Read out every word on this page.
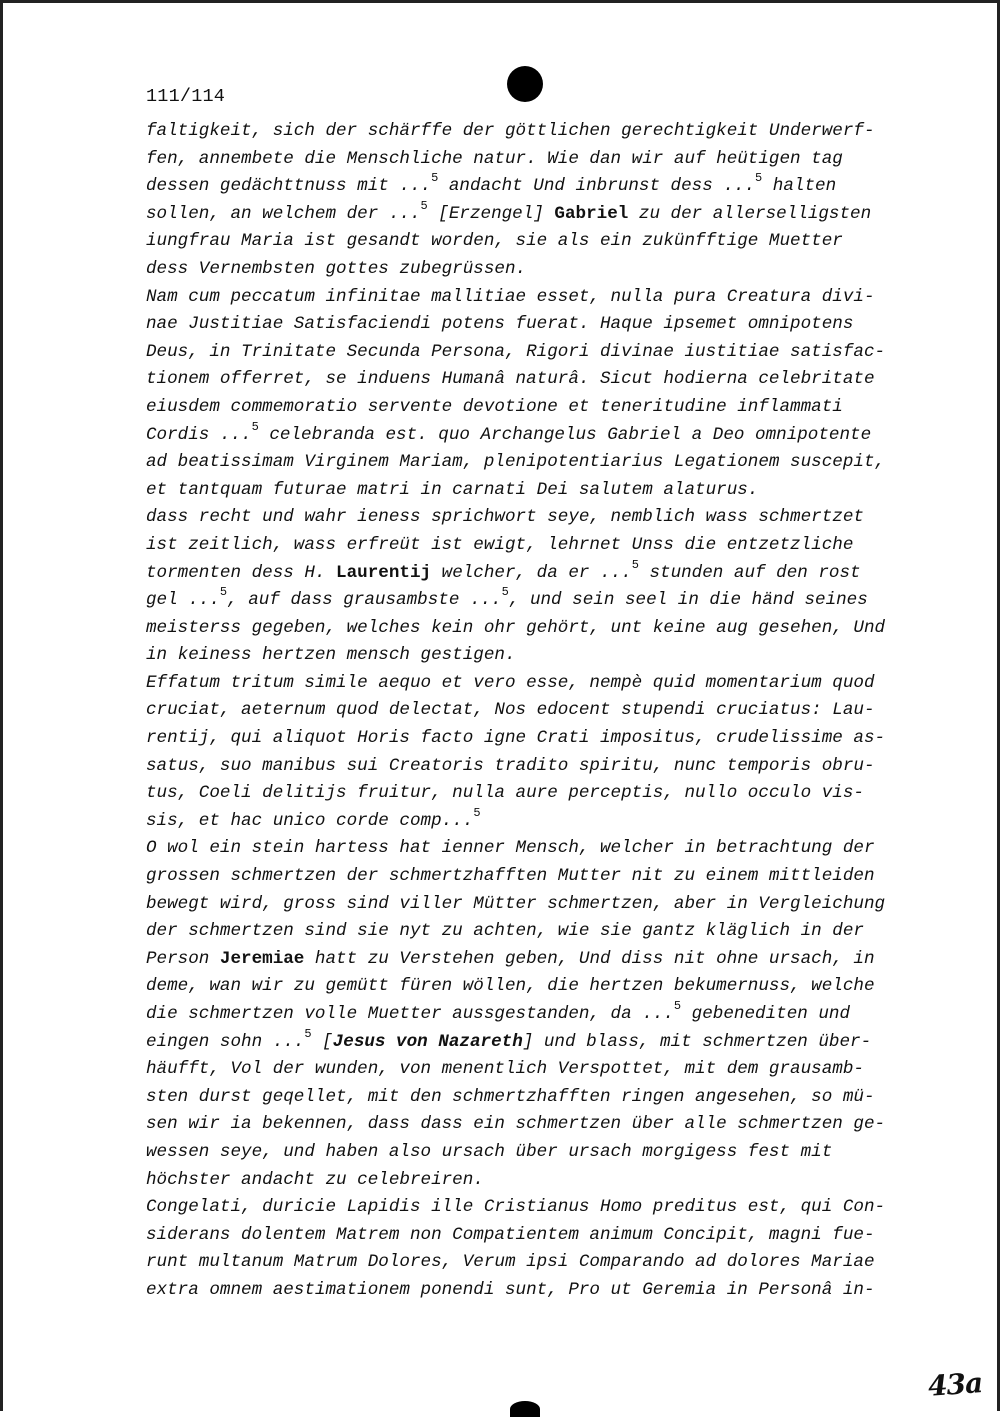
111/114
faltigkeit, sich der schärffe der göttlichen gerechtigkeit Underwerf-
fen, annembete die Menschliche natur. Wie dan wir auf heütigen tag
dessen gedächttnuss mit ...$^5$ andacht Und inbrunst dess ...$^5$ halten
sollen, an welchem der ...$^5$ [Erzengel] Gabriel zu der allerselligsten
iungfrau Maria ist gesandt worden, sie als ein zukünfftige Muetter
dess Vernembsten gottes zubegrüssen.
Nam cum peccatum infinitae mallitiae esset, nulla pura Creatura divi-
nae Justitiae Satisfaciendi potens fuerat. Haque ipsemet omnipotens
Deus, in Trinitate Secunda Persona, Rigori divinae iustitiae satisfac-
tionem offerret, se induens Humanâ naturâ. Sicut hodierna celebritate
eiusdem commemoratio servente devotione et teneritudine inflammati
Cordis ...$^5$ celebranda est. quo Archangelus Gabriel a Deo omnipotente
ad beatissimam Virginem Mariam, plenipotentiarius Legationem suscepit,
et tantquam futurae matri in carnati Dei salutem alaturus.
dass recht und wahr ieness sprichwort seye, nemblich wass schmertzet
ist zeitlich, wass erfreüt ist ewigt, lehrnet Unss die entzetzliche
tormenten dess H. Laurentij welcher, da er ...$^5$ stunden auf den rost
gel ...$^5$, auf dass grausambste ...$^5$, und sein seel in die händ seines
meisterss gegeben, welches kein ohr gehört, unt keine aug gesehen, Und
in keiness hertzen mensch gestigen.
Effatum tritum simile aequo et vero esse, nempè quid momentarium quod
cruciat, aeternum quod delectat, Nos edocent stupendi cruciatus: Lau-
rentij, qui aliquot Horis facto igne Crati impositus, crudelissime as-
satus, suo manibus sui Creatoris tradito spiritu, nunc temporis obru-
tus, Coeli delitijs fruitur, nulla aure perceptis, nullo occulo vis-
sis, et hac unico corde comp...$^5$
O wol ein stein hartess hat ienner Mensch, welcher in betrachtung der
grossen schmertzen der schmertzhafften Mutter nit zu einem mittleiden
bewegt wird, gross sind viller Mütter schmertzen, aber in Vergleichung
der schmertzen sind sie nyt zu achten, wie sie gantz kläglich in der
Person Jeremiae hatt zu Verstehen geben, Und diss nit ohne ursach, in
deme, wan wir zu gemütt füren wöllen, die hertzen bekumernuss, welche
die schmertzen volle Muetter aussgestanden, da ...$^5$ gebenediten und
eingen sohn ...$^5$ [Jesus von Nazareth] und blass, mit schmertzen über-
häufft, Vol der wunden, von menentlich Verspottet, mit dem grausamb-
sten durst geqellet, mit den schmertzhafften ringen angesehen, so mü-
sen wir ia bekennen, dass dass ein schmertzen über alle schmertzen ge-
wessen seye, und haben also ursach über ursach morgigess fest mit
höchster andacht zu celebreiren.
Congelati, duricie Lapidis ille Cristianus Homo preditus est, qui Con-
siderans dolentem Matrem non Compatientem animum Concipit, magni fue-
runt multanum Matrum Dolores, Verum ipsi Comparando ad dolores Mariae
extra omnem aestimationem ponendi sunt, Pro ut Geremia in Personâ in-
43a
